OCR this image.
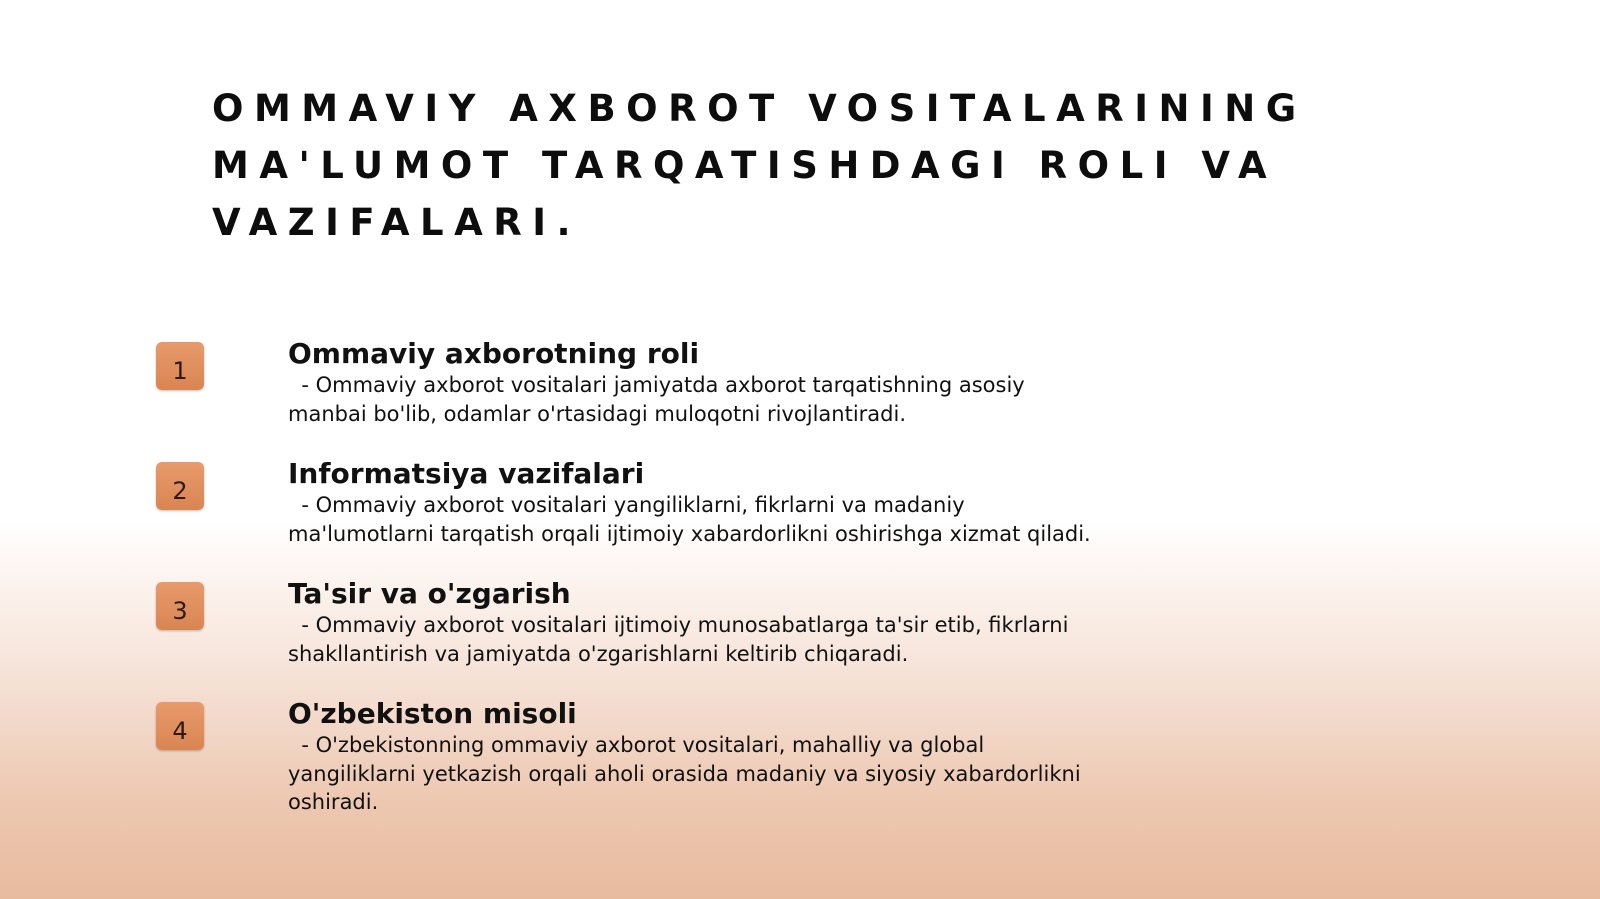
OMMAVIY AXBOROT VOSITALARINING MA'LUMOT TARQATISHDAGI ROLI VA VAZIFALARI.
1
Ommaviy axborotning roli
- Ommaviy axborot vositalari jamiyatda axborot tarqatishning asosiy manbai bo'lib, odamlar o'rtasidagi muloqotni rivojlantiradi.
2
Informatsiya vazifalari
- Ommaviy axborot vositalari yangiliklarni, fikrlarni va madaniy ma'lumotlarni tarqatish orqali ijtimoiy xabardorlikni oshirishga xizmat qiladi.
3
Ta'sir va o'zgarish
- Ommaviy axborot vositalari ijtimoiy munosabatlarga ta'sir etib, fikrlarni shakllantirish va jamiyatda o'zgarishlarni keltirib chiqaradi.
4
O'zbekiston misoli
- O'zbekistonning ommaviy axborot vositalari, mahalliy va global yangiliklarni yetkazish orqali aholi orasida madaniy va siyosiy xabardorlikni oshiradi.
